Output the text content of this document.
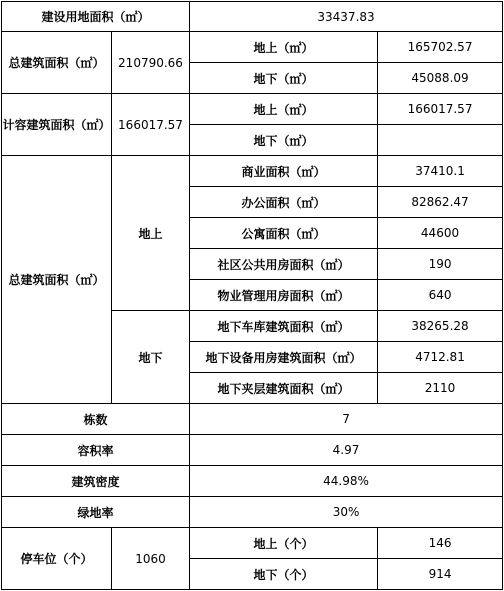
建设用地面积（㎡）		33437.83	
总建筑面积（㎡）	210790.66	地上（㎡）	165702.57
		地下（㎡）	45088.09
计容建筑面积（㎡）	166017.57	地上（㎡）	166017.57
		地下（㎡）	
总建筑面积（㎡）	地上	商业面积（㎡）	37410.1
		办公面积（㎡）	82862.47
		公寓面积（㎡）	44600
		社区公共用房面积（㎡）	190
		物业管理用房面积（㎡）	640
	地下	地下车库建筑面积（㎡）	38265.28
		地下设备用房建筑面积（㎡）	4712.81
		地下夹层建筑面积（㎡）	2110
栋数		7	
容积率		4.97	
建筑密度		44.98%	
绿地率		30%	
停车位（个）	1060	地上（个）	146
		地下（个）	914
